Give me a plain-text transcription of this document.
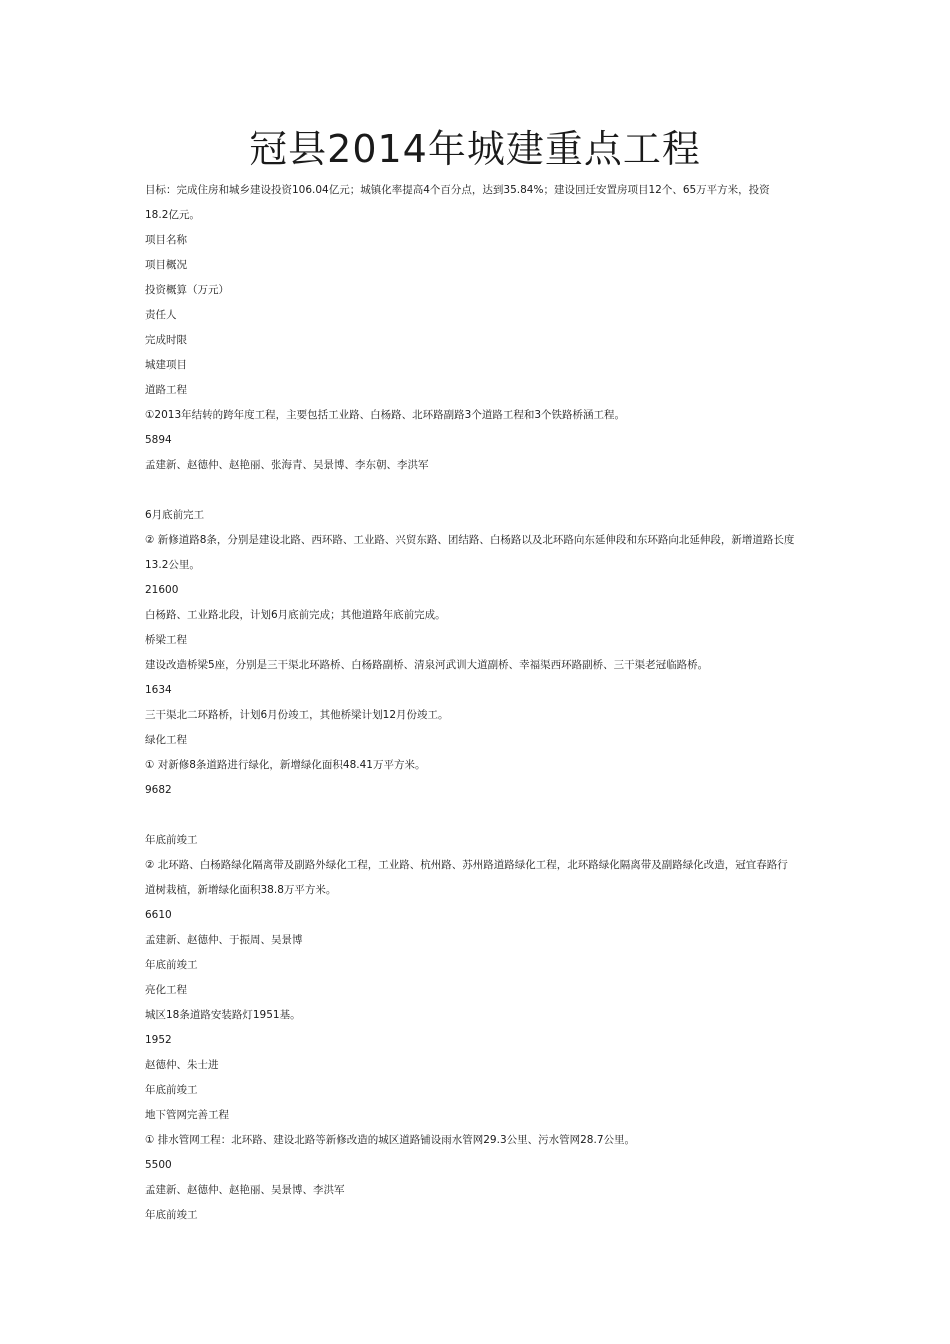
冠县2014年城建重点工程

目标：完成住房和城乡建设投资106.04亿元；城镇化率提高4个百分点，达到35.84%；建设回迁安置房项目12个、65万平方米，投资

18.2亿元。

项目名称

项目概况

投资概算（万元）

责任人

完成时限

城建项目

道路工程

①2013年结转的跨年度工程，主要包括工业路、白杨路、北环路副路3个道路工程和3个铁路桥涵工程。

5894

孟建新、赵德仲、赵艳丽、张海青、吴景博、李东朝、李洪军

6月底前完工

② 新修道路8条，分别是建设北路、西环路、工业路、兴贸东路、团结路、白杨路以及北环路向东延伸段和东环路向北延伸段，新增道路长度

13.2公里。

21600

白杨路、工业路北段，计划6月底前完成；其他道路年底前完成。

桥梁工程

建设改造桥梁5座，分别是三干渠北环路桥、白杨路副桥、清泉河武训大道副桥、幸福渠西环路副桥、三干渠老冠临路桥。

1634

三干渠北二环路桥，计划6月份竣工，其他桥梁计划12月份竣工。

绿化工程

① 对新修8条道路进行绿化，新增绿化面积48.41万平方米。

9682

年底前竣工

② 北环路、白杨路绿化隔离带及副路外绿化工程，工业路、杭州路、苏州路道路绿化工程，北环路绿化隔离带及副路绿化改造，冠宜春路行

道树栽植，新增绿化面积38.8万平方米。

6610

孟建新、赵德仲、于振周、吴景博

年底前竣工

亮化工程

城区18条道路安装路灯1951基。

1952

赵德仲、朱士进

年底前竣工

地下管网完善工程

① 排水管网工程：北环路、建设北路等新修改造的城区道路铺设雨水管网29.3公里、污水管网28.7公里。

5500

孟建新、赵德仲、赵艳丽、吴景博、李洪军

年底前竣工
